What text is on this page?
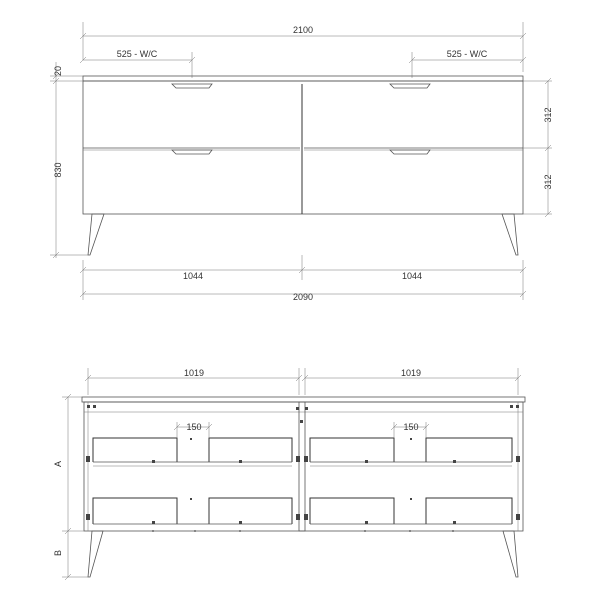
2100
525 - W/C	525 - W/C
20
830
312
312
1044	1044
2090
1019	1019
150	150
A
B
